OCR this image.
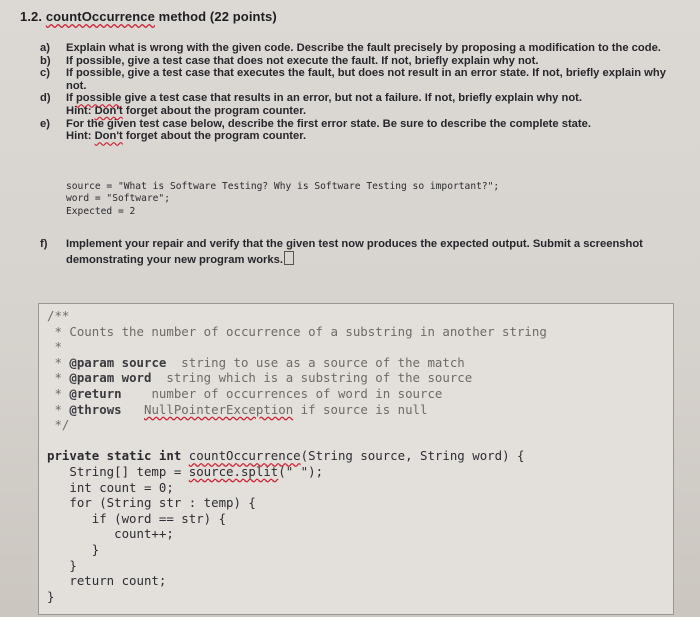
1.2. countOccurrence method (22 points)
a) Explain what is wrong with the given code. Describe the fault precisely by proposing a modification to the code.
b) If possible, give a test case that does not execute the fault. If not, briefly explain why not.
c) If possible, give a test case that executes the fault, but does not result in an error state. If not, briefly explain why not.
d) If possible give a test case that results in an error, but not a failure. If not, briefly explain why not.
Hint: Don't forget about the program counter.
e) For the given test case below, describe the first error state. Be sure to describe the complete state.
Hint: Don't forget about the program counter.
source = "What is Software Testing? Why is Software Testing so important?";
word = "Software";
Expected = 2
f) Implement your repair and verify that the given test now produces the expected output. Submit a screenshot demonstrating your new program works.
/**
* Counts the number of occurrence of a substring in another string
*
* @param source  string to use as a source of the match
* @param word  string which is a substring of the source
* @return    number of occurrences of word in source
* @throws NullPointerException if source is null
*/

private static int countOccurrence(String source, String word) {
String[] temp = source.split(" ");
int count = 0;
for (String str : temp) {
if (word == str) {
count++;
}
}
return count;
}
